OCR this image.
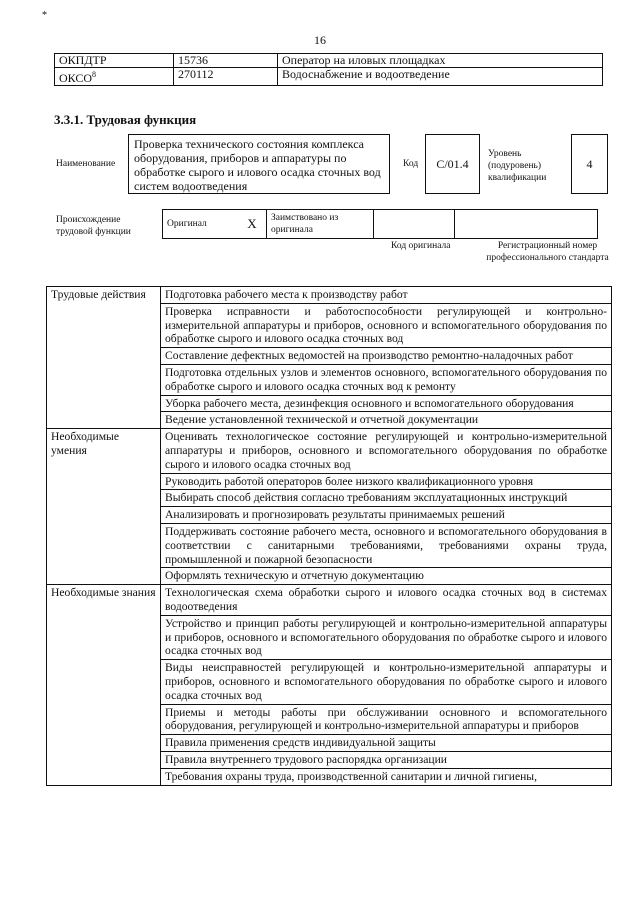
*
16
ОКПДТР	15736	Оператор на иловых площадках
ОКСО$^8$	270112	Водоснабжение и водоотведение
3.3.1. Трудовая функция
Наименование
Проверка технического состояния комплекса оборудования, приборов и аппаратуры по обработке сырого и илового осадка сточных вод систем водоотведения
Код	C/01.4
Уровень (подуровень) квалификации
4
Происхождение трудовой функции
Оригинал	X	Заимствовано из оригинала		
Код оригинала	Регистрационный номер профессионального стандарта
Трудовые действия	Подготовка рабочего места к производству работ
	Проверка исправности и работоспособности регулирующей и контрольно-измерительной аппаратуры и приборов, основного и вспомогательного оборудования по обработке сырого и илового осадка сточных вод
	Составление дефектных ведомостей на производство ремонтно-наладочных работ
	Подготовка отдельных узлов и элементов основного, вспомогательного оборудования по обработке сырого и илового осадка сточных вод к ремонту
	Уборка рабочего места, дезинфекция основного и вспомогательного оборудования
	Ведение установленной технической и отчетной документации
Необходимые умения	Оценивать технологическое состояние регулирующей и контрольно-измерительной аппаратуры и приборов, основного и вспомогательного оборудования по обработке сырого и илового осадка сточных вод
	Руководить работой операторов более низкого квалификационного уровня
	Выбирать способ действия согласно требованиям эксплуатационных инструкций
	Анализировать и прогнозировать результаты принимаемых решений
	Поддерживать состояние рабочего места, основного и вспомогательного оборудования в соответствии с санитарными требованиями, требованиями охраны труда, промышленной и пожарной безопасности
	Оформлять техническую и отчетную документацию
Необходимые знания	Технологическая схема обработки сырого и илового осадка сточных вод в системах водоотведения
	Устройство и принцип работы регулирующей и контрольно-измерительной аппаратуры и приборов, основного и вспомогательного оборудования по обработке сырого и илового осадка сточных вод
	Виды неисправностей регулирующей и контрольно-измерительной аппаратуры и приборов, основного и вспомогательного оборудования по обработке сырого и илового осадка сточных вод
	Приемы и методы работы при обслуживании основного и вспомогательного оборудования, регулирующей и контрольно-измерительной аппаратуры и приборов
	Правила применения средств индивидуальной защиты
	Правила внутреннего трудового распорядка организации
	Требования охраны труда, производственной санитарии и личной гигиены,
